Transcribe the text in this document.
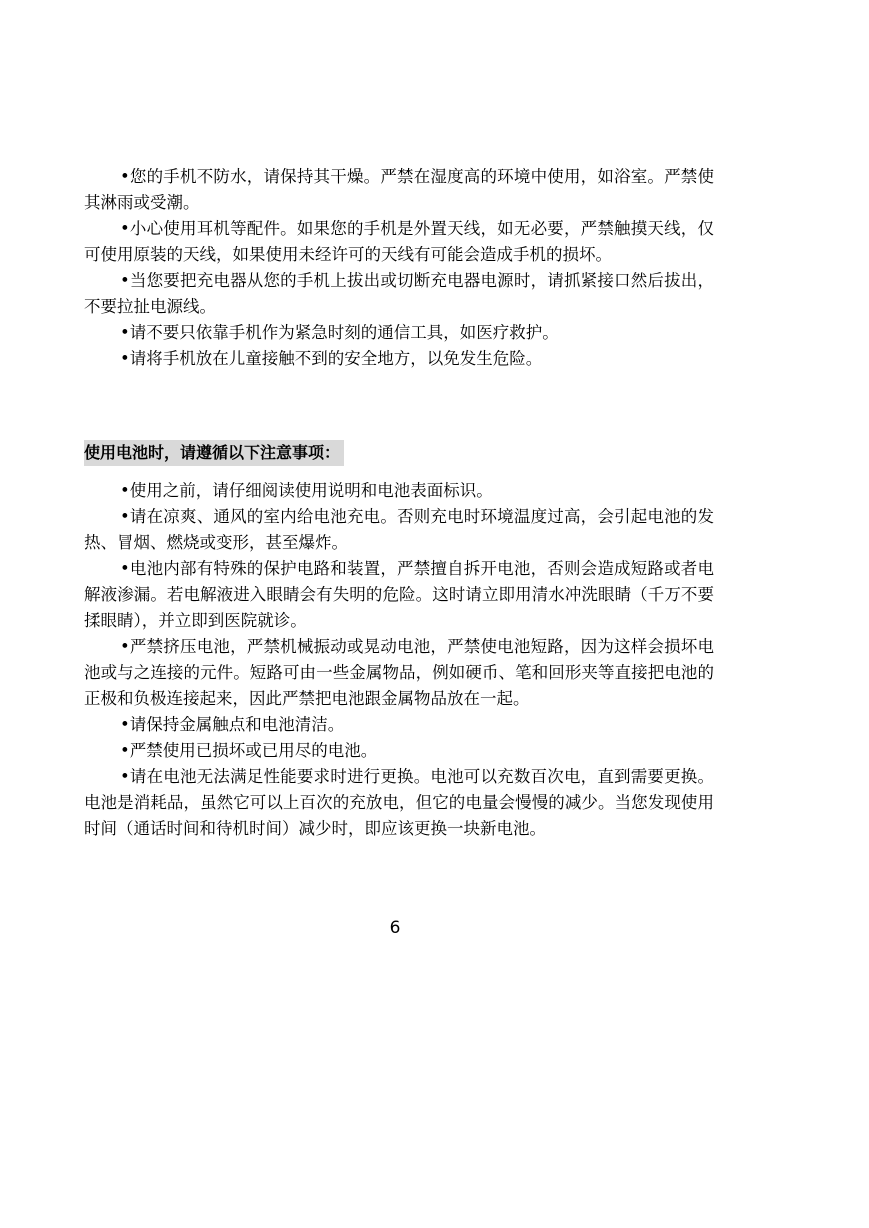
•您的手机不防水，请保持其干燥。严禁在湿度高的环境中使用，如浴室。严禁使其淋雨或受潮。

•小心使用耳机等配件。如果您的手机是外置天线，如无必要，严禁触摸天线，仅可使用原装的天线，如果使用未经许可的天线有可能会造成手机的损坏。

•当您要把充电器从您的手机上拔出或切断充电器电源时，请抓紧接口然后拔出，不要拉扯电源线。

•请不要只依靠手机作为紧急时刻的通信工具，如医疗救护。

•请将手机放在儿童接触不到的安全地方，以免发生危险。

使用电池时，请遵循以下注意事项：

•使用之前，请仔细阅读使用说明和电池表面标识。

•请在凉爽、通风的室内给电池充电。否则充电时环境温度过高，会引起电池的发热、冒烟、燃烧或变形，甚至爆炸。

•电池内部有特殊的保护电路和装置，严禁擅自拆开电池，否则会造成短路或者电解液渗漏。若电解液进入眼睛会有失明的危险。这时请立即用清水冲洗眼睛（千万不要揉眼睛），并立即到医院就诊。

•严禁挤压电池，严禁机械振动或晃动电池，严禁使电池短路，因为这样会损坏电池或与之连接的元件。短路可由一些金属物品，例如硬币、笔和回形夹等直接把电池的正极和负极连接起来，因此严禁把电池跟金属物品放在一起。

•请保持金属触点和电池清洁。

•严禁使用已损坏或已用尽的电池。

•请在电池无法满足性能要求时进行更换。电池可以充数百次电，直到需要更换。电池是消耗品，虽然它可以上百次的充放电，但它的电量会慢慢的减少。当您发现使用时间（通话时间和待机时间）减少时，即应该更换一块新电池。

6
